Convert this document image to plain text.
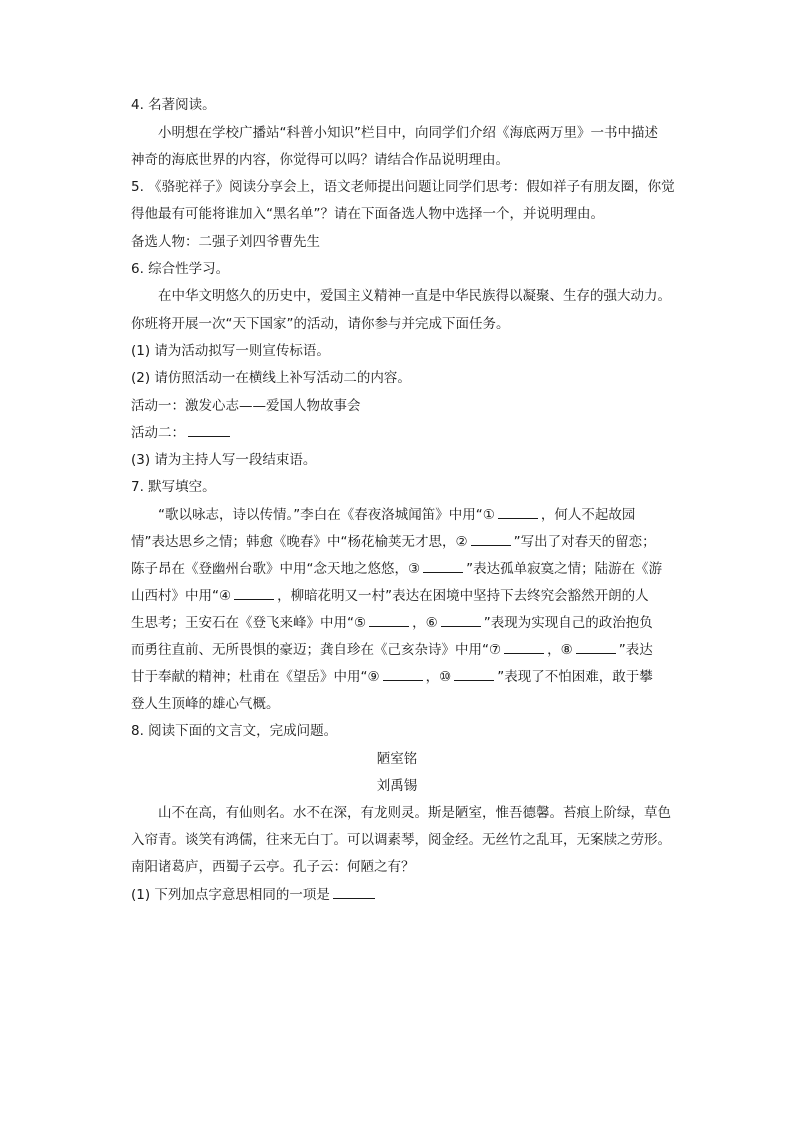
4. 名著阅读。
小明想在学校广播站“科普小知识”栏目中，向同学们介绍《海底两万里》一书中描述
神奇的海底世界的内容，你觉得可以吗？请结合作品说明理由。
5. 《骆驼祥子》阅读分享会上，语文老师提出问题让同学们思考：假如祥子有朋友圈，你觉
得他最有可能将谁加入“黑名单”？请在下面备选人物中选择一个，并说明理由。
备选人物：二强子刘四爷曹先生
6. 综合性学习。
在中华文明悠久的历史中，爱国主义精神一直是中华民族得以凝聚、生存的强大动力。
你班将开展一次“天下国家”的活动，请你参与并完成下面任务。
(1) 请为活动拟写一则宣传标语。
(2) 请仿照活动一在横线上补写活动二的内容。
活动一：激发心志——爱国人物故事会
活动二：
(3) 请为主持人写一段结束语。
7. 默写填空。
“歌以咏志，诗以传情。”李白在《春夜洛城闻笛》中用“①	，何人不起故园
情”表达思乡之情；韩愈《晚春》中“杨花榆荚无才思，②	”写出了对春天的留恋；
陈子昂在《登幽州台歌》中用“念天地之悠悠，③	”表达孤单寂寞之情；陆游在《游
山西村》中用“④	，柳暗花明又一村”表达在困境中坚持下去终究会豁然开朗的人
生思考；王安石在《登飞来峰》中用“⑤	，⑥	”表现为实现自己的政治抱负
而勇往直前、无所畏惧的豪迈；龚自珍在《己亥杂诗》中用“⑦	，⑧	”表达
甘于奉献的精神；杜甫在《望岳》中用“⑨	，⑩	”表现了不怕困难，敢于攀
登人生顶峰的雄心气概。
8. 阅读下面的文言文，完成问题。
陋室铭
刘禹锡
山不在高，有仙则名。水不在深，有龙则灵。斯是陋室，惟吾德馨。苔痕上阶绿，草色
入帘青。谈笑有鸿儒，往来无白丁。可以调素琴，阅金经。无丝竹之乱耳，无案牍之劳形。
南阳诸葛庐，西蜀子云亭。孔子云：何陋之有？
(1) 下列加点字意思相同的一项是
